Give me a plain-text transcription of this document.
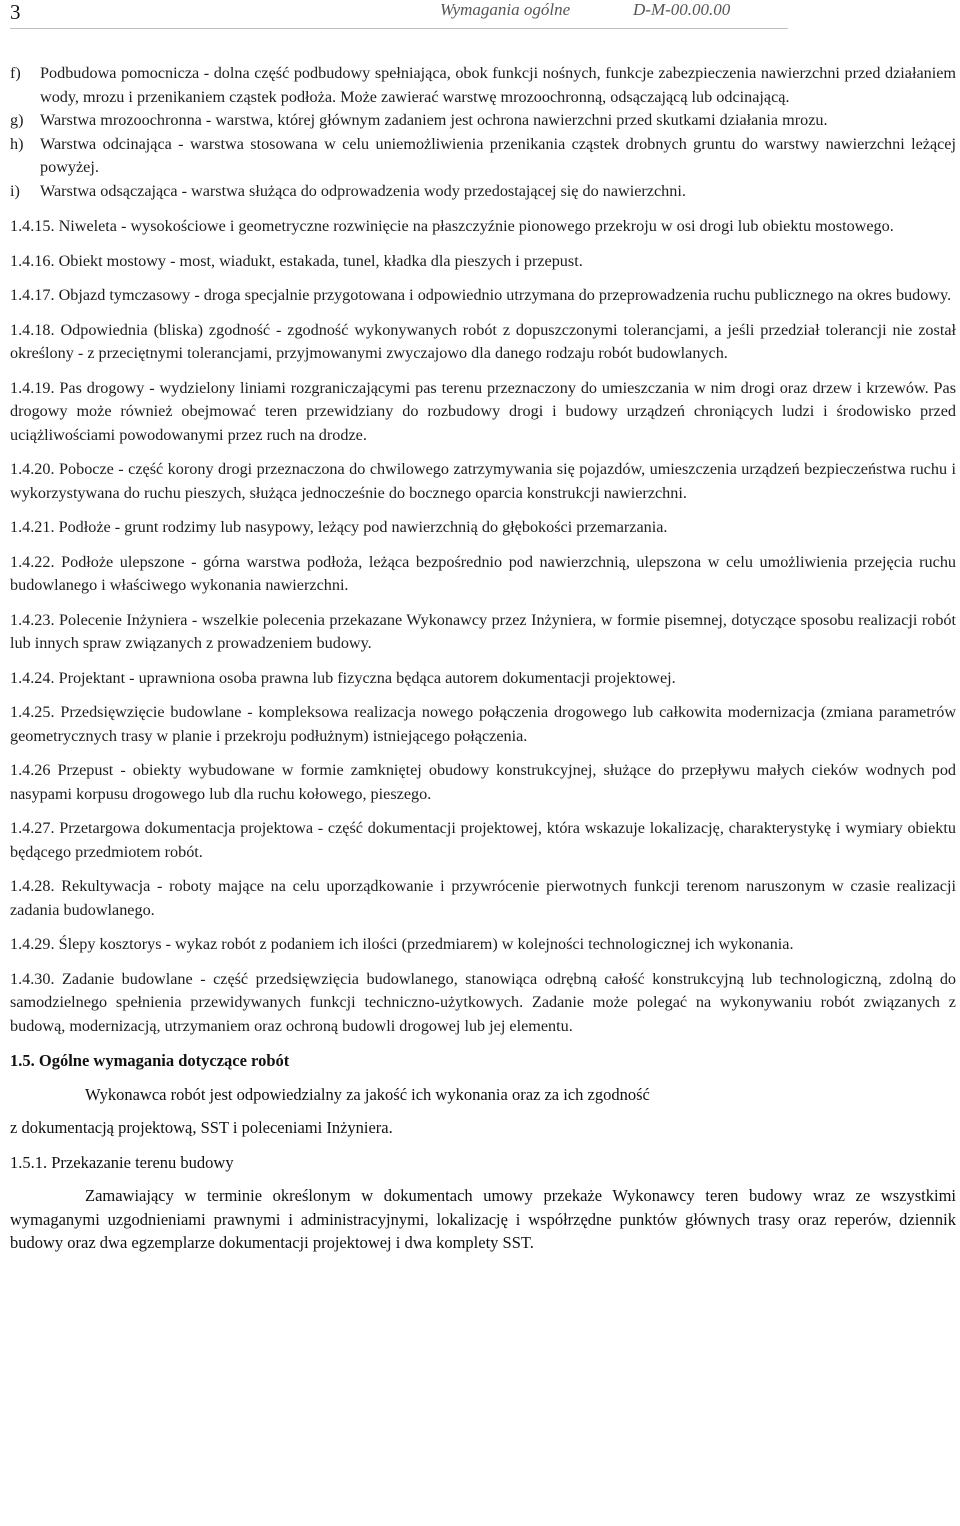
3	Wymagania ogólne	D-M-00.00.00
f) Podbudowa pomocnicza - dolna część podbudowy spełniająca, obok funkcji nośnych, funkcje zabezpieczenia nawierzchni przed działaniem wody, mrozu i przenikaniem cząstek podłoża. Może zawierać warstwę mrozoochronną, odsączającą lub odcinającą.
g) Warstwa mrozoochronna - warstwa, której głównym zadaniem jest ochrona nawierzchni przed skutkami działania mrozu.
h) Warstwa odcinająca - warstwa stosowana w celu uniemożliwienia przenikania cząstek drobnych gruntu do warstwy nawierzchni leżącej powyżej.
i) Warstwa odsączająca - warstwa służąca do odprowadzenia wody przedostającej się do nawierzchni.
1.4.15. Niweleta - wysokościowe i geometryczne rozwinięcie na płaszczyźnie pionowego przekroju w osi drogi lub obiektu mostowego.
1.4.16. Obiekt mostowy - most, wiadukt, estakada, tunel, kładka dla pieszych i przepust.
1.4.17. Objazd tymczasowy - droga specjalnie przygotowana i odpowiednio utrzymana do przeprowadzenia ruchu publicznego na okres budowy.
1.4.18. Odpowiednia (bliska) zgodność - zgodność wykonywanych robót z dopuszczonymi tolerancjami, a jeśli przedział tolerancji nie został określony - z przeciętnymi tolerancjami, przyjmowanymi zwyczajowo dla danego rodzaju robót budowlanych.
1.4.19. Pas drogowy - wydzielony liniami rozgraniczającymi pas terenu przeznaczony do umieszczania w nim drogi oraz drzew i krzewów. Pas drogowy może również obejmować teren przewidziany do rozbudowy drogi i budowy urządzeń chroniących ludzi i środowisko przed uciążliwościami powodowanymi przez ruch na drodze.
1.4.20. Pobocze - część korony drogi przeznaczona do chwilowego zatrzymywania się pojazdów, umieszczenia urządzeń bezpieczeństwa ruchu i wykorzystywana do ruchu pieszych, służąca jednocześnie do bocznego oparcia konstrukcji nawierzchni.
1.4.21. Podłoże - grunt rodzimy lub nasypowy, leżący pod nawierzchnią do głębokości przemarzania.
1.4.22. Podłoże ulepszone - górna warstwa podłoża, leżąca bezpośrednio pod nawierzchnią, ulepszona w celu umożliwienia przejęcia ruchu budowlanego i właściwego wykonania nawierzchni.
1.4.23. Polecenie Inżyniera - wszelkie polecenia przekazane Wykonawcy przez Inżyniera, w formie pisemnej, dotyczące sposobu realizacji robót lub innych spraw związanych z prowadzeniem budowy.
1.4.24. Projektant - uprawniona osoba prawna lub fizyczna będąca autorem dokumentacji projektowej.
1.4.25. Przedsięwzięcie budowlane - kompleksowa realizacja nowego połączenia drogowego lub całkowita modernizacja (zmiana parametrów geometrycznych trasy w planie i przekroju podłużnym) istniejącego połączenia.
1.4.26 Przepust - obiekty wybudowane w formie zamkniętej obudowy konstrukcyjnej, służące do przepływu małych cieków wodnych pod nasypami korpusu drogowego lub dla ruchu kołowego, pieszego.
1.4.27. Przetargowa dokumentacja projektowa - część dokumentacji projektowej, która wskazuje lokalizację, charakterystykę i wymiary obiektu będącego przedmiotem robót.
1.4.28. Rekultywacja - roboty mające na celu uporządkowanie i przywrócenie pierwotnych funkcji terenom naruszonym w czasie realizacji zadania budowlanego.
1.4.29. Ślepy kosztorys - wykaz robót z podaniem ich ilości (przedmiarem) w kolejności technologicznej ich wykonania.
1.4.30. Zadanie budowlane - część przedsięwzięcia budowlanego, stanowiąca odrębną całość konstrukcyjną lub technologiczną, zdolną do samodzielnego spełnienia przewidywanych funkcji techniczno-użytkowych. Zadanie może polegać na wykonywaniu robót związanych z budową, modernizacją, utrzymaniem oraz ochroną budowli drogowej lub jej elementu.
1.5. Ogólne wymagania dotyczące robót
Wykonawca robót jest odpowiedzialny za jakość ich wykonania oraz za ich zgodność
z dokumentacją projektową, SST i poleceniami Inżyniera.
1.5.1. Przekazanie terenu budowy
Zamawiający w terminie określonym w dokumentach umowy przekaże Wykonawcy teren budowy wraz ze wszystkimi wymaganymi uzgodnieniami prawnymi i administracyjnymi, lokalizację i współrzędne punktów głównych trasy oraz reperów, dziennik budowy oraz dwa egzemplarze dokumentacji projektowej i dwa komplety SST.
